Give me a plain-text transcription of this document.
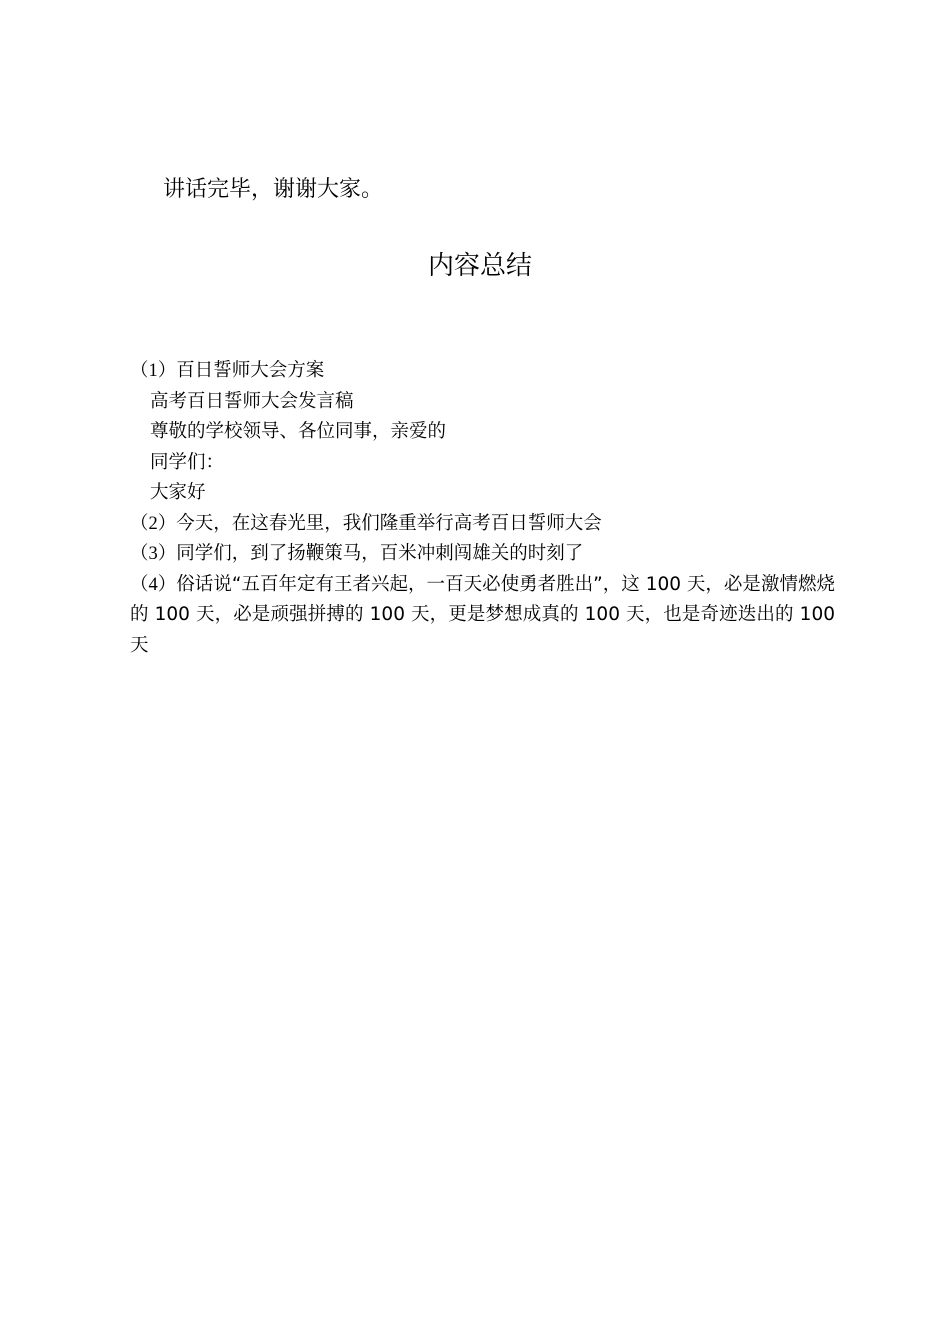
讲话完毕，谢谢大家。
内容总结
（1）百日誓师大会方案
高考百日誓师大会发言稿
尊敬的学校领导、各位同事，亲爱的
同学们：
大家好
（2）今天，在这春光里，我们隆重举行高考百日誓师大会
（3）同学们，到了扬鞭策马，百米冲刺闯雄关的时刻了
（4）俗话说“五百年定有王者兴起，一百天必使勇者胜出”，这 100 天，必是激情燃烧的 100 天，必是顽强拼搏的 100 天，更是梦想成真的 100 天，也是奇迹迭出的 100 天
